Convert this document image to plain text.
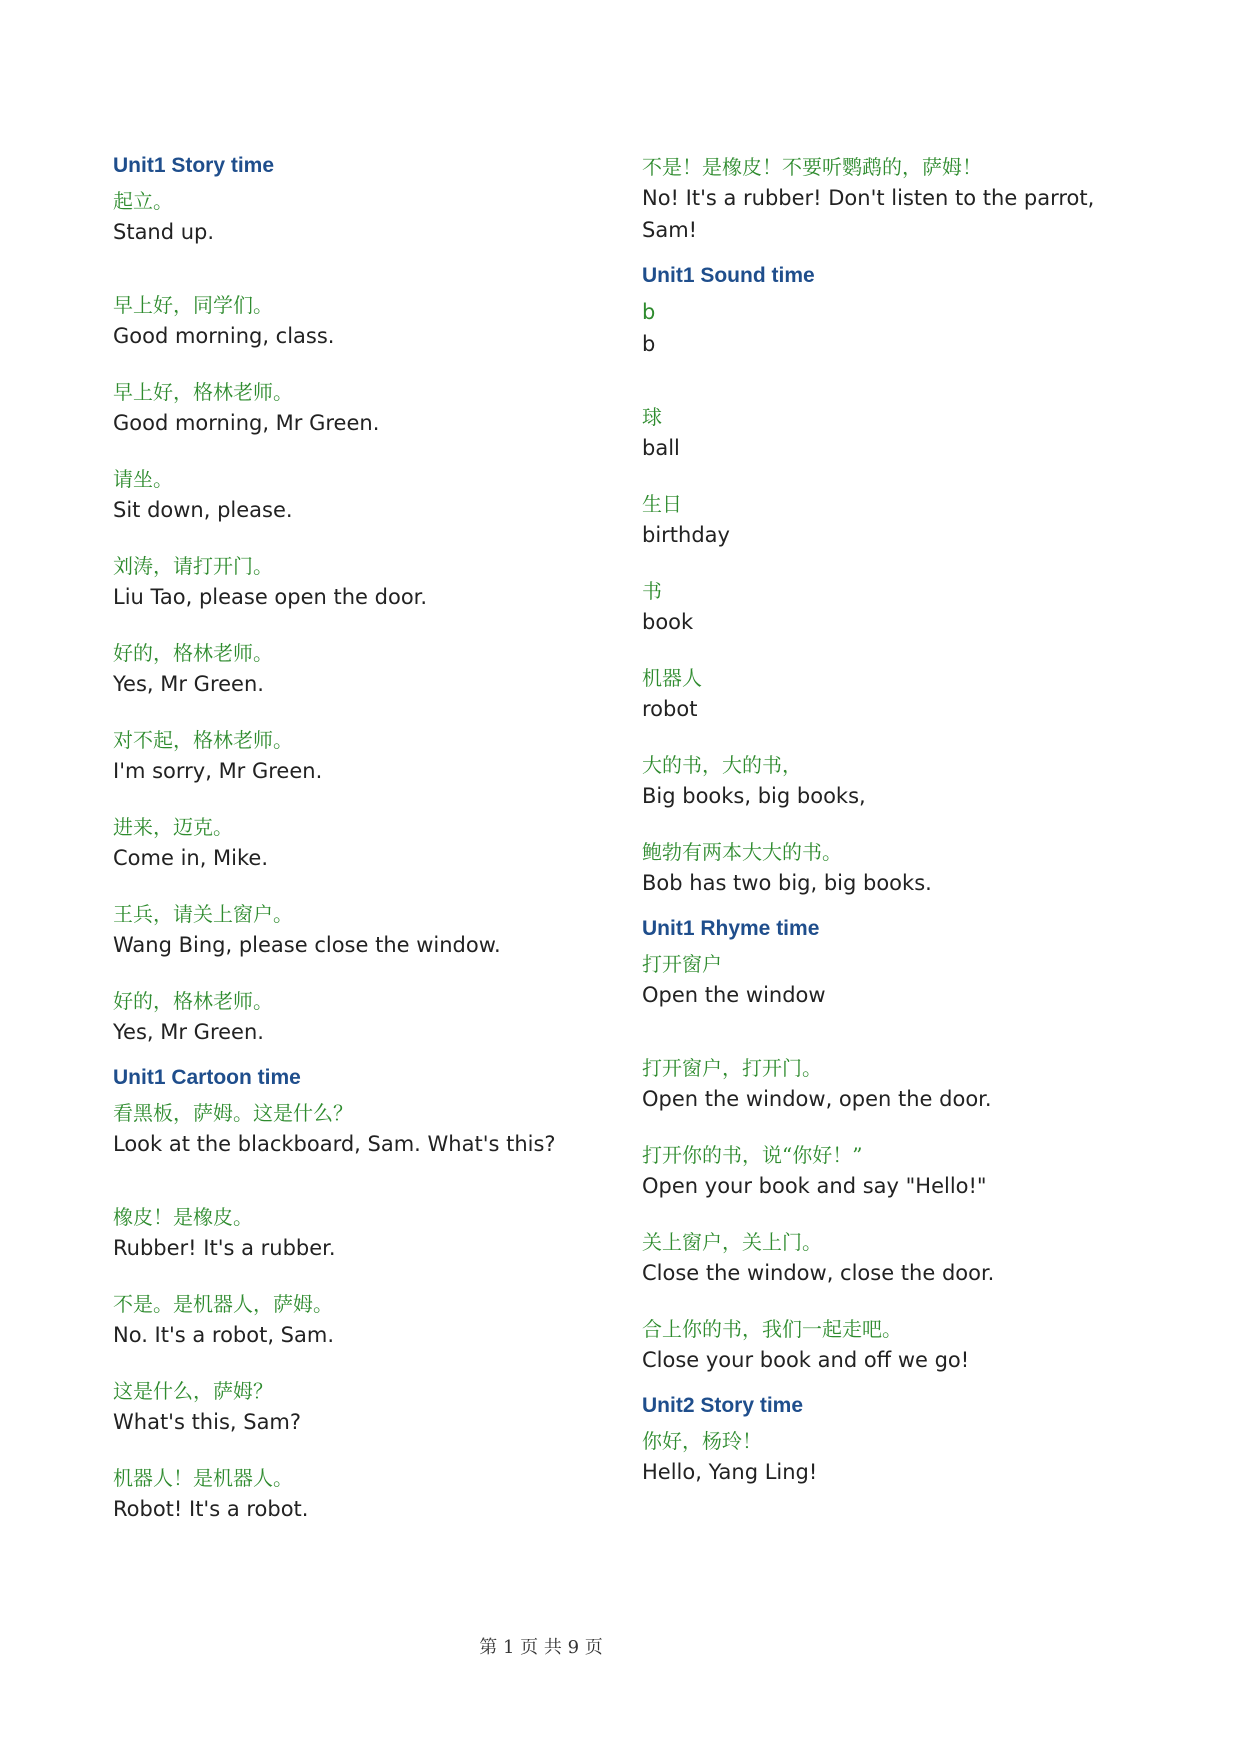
Unit1 Story time
起立。
Stand up.
早上好，同学们。
Good morning, class.
早上好，格林老师。
Good morning, Mr Green.
请坐。
Sit down, please.
刘涛，请打开门。
Liu Tao, please open the door.
好的，格林老师。
Yes, Mr Green.
对不起，格林老师。
I'm sorry, Mr Green.
进来，迈克。
Come in, Mike.
王兵，请关上窗户。
Wang Bing, please close the window.
好的，格林老师。
Yes, Mr Green.
Unit1 Cartoon time
看黑板，萨姆。这是什么？
Look at the blackboard, Sam. What's this?
橡皮！是橡皮。
Rubber! It's a rubber.
不是。是机器人，萨姆。
No. It's a robot, Sam.
这是什么，萨姆？
What's this, Sam?
机器人！是机器人。
Robot! It's a robot.
不是！是橡皮！不要听鹦鹉的，萨姆！
No! It's a rubber! Don't listen to the parrot, Sam!
Unit1 Sound time
b
b
球
ball
生日
birthday
书
book
机器人
robot
大的书，大的书，
Big books, big books,
鲍勃有两本大大的书。
Bob has two big, big books.
Unit1 Rhyme time
打开窗户
Open the window
打开窗户，打开门。
Open the window, open the door.
打开你的书，说“你好！”
Open your book and say "Hello!"
关上窗户，关上门。
Close the window, close the door.
合上你的书，我们一起走吧。
Close your book and off we go!
Unit2 Story time
你好，杨玲！
Hello, Yang Ling!
第 1 页 共 9 页
